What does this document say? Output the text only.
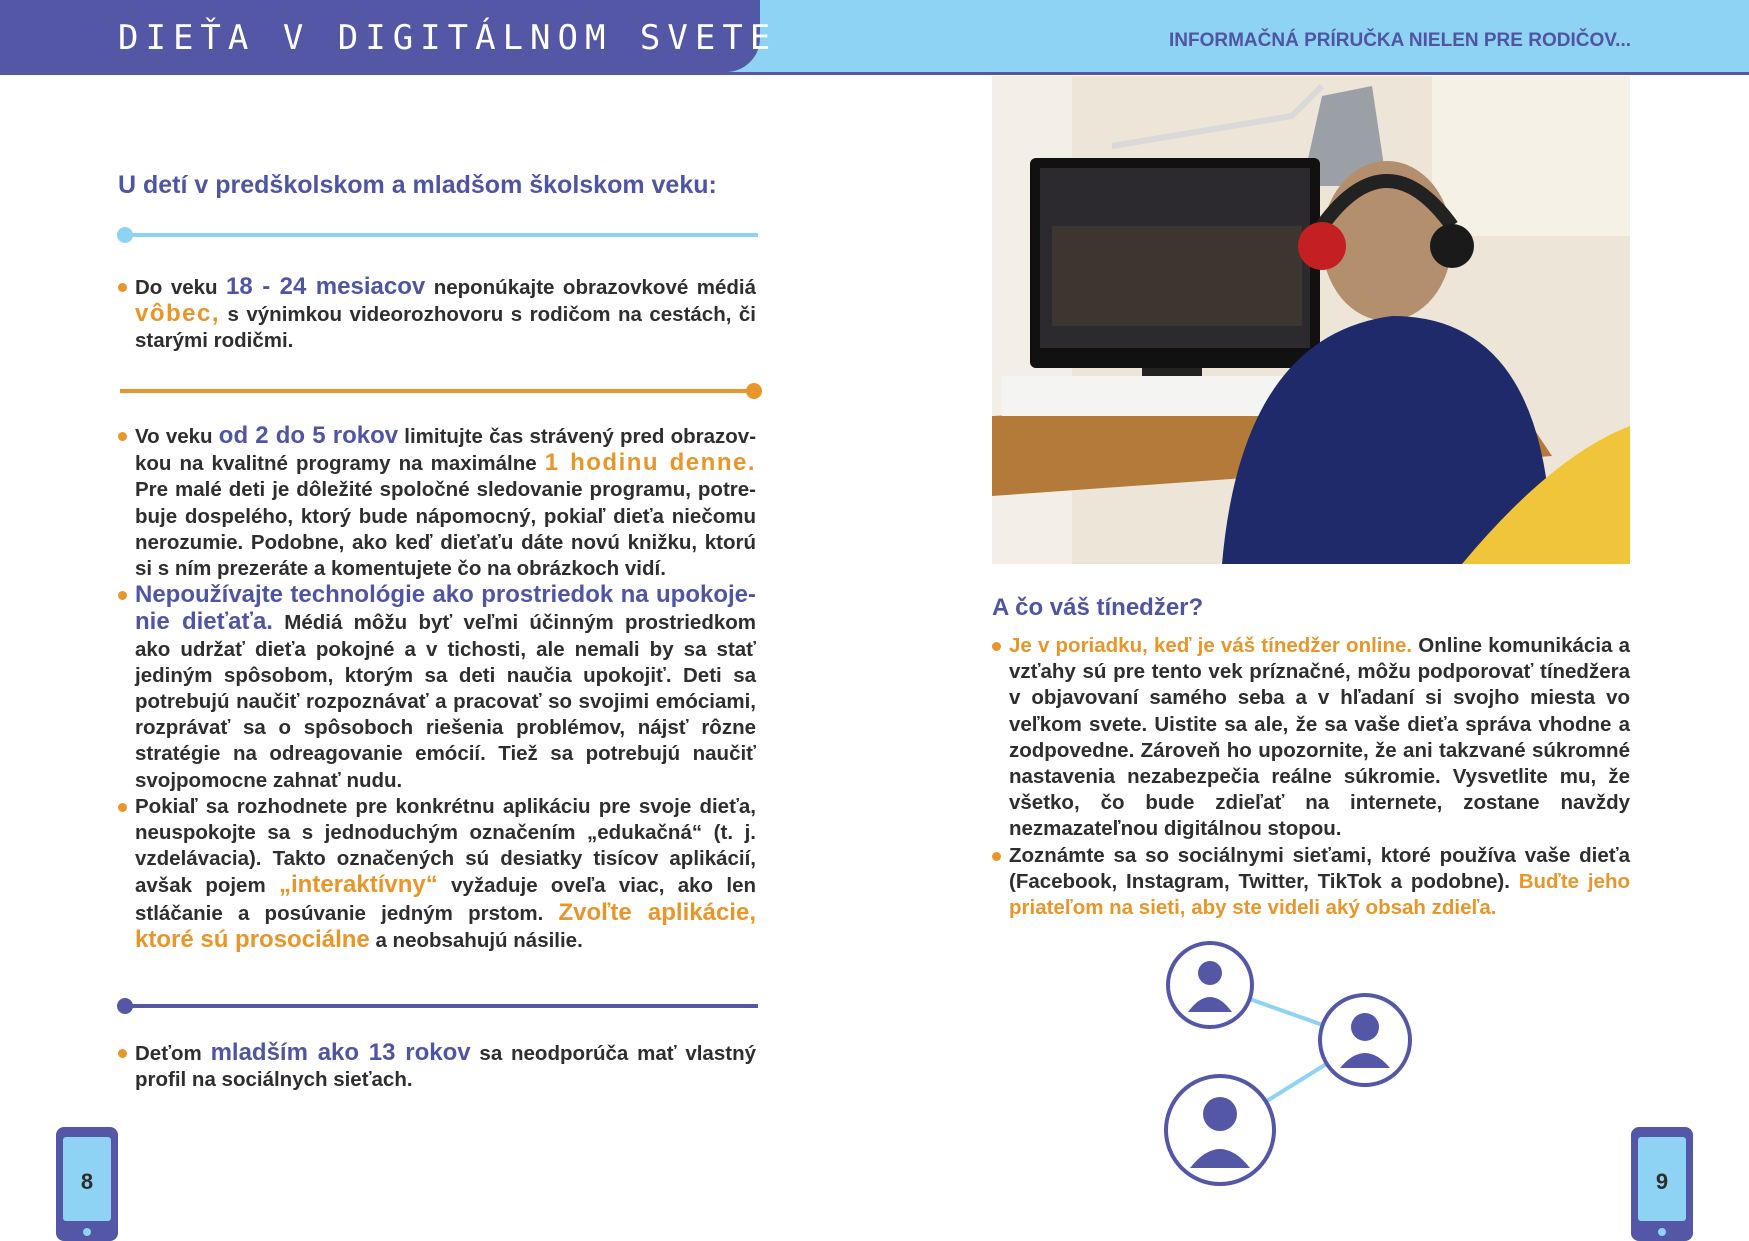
DIEŤA V DIGITÁLNOM SVETE	INFORMAČNÁ PRÍRUČKA NIELEN PRE RODIČOV...
U detí v predškolskom a mladšom školskom veku:

Do veku 18 - 24 mesiacov neponúkajte obrazovkové médiá vôbec, s výnimkou videorozhovoru s rodičom na cestách, či starými rodičmi.

Vo veku od 2 do 5 rokov limitujte čas strávený pred obrazovkou na kvalitné programy na maximálne 1 hodinu denne. Pre malé deti je dôležité spoločné sledovanie programu, potrebuje dospelého, ktorý bude nápomocný, pokiaľ dieťa niečomu nerozumie. Podobne, ako keď dieťaťu dáte novú knižku, ktorú si s ním prezeráte a komentujete čo na obrázkoch vidí.

Nepoužívajte technológie ako prostriedok na upokojenie dieťaťa. Médiá môžu byť veľmi účinným prostriedkom ako udržať dieťa pokojné a v tichosti, ale nemali by sa stať jediným spôsobom, ktorým sa deti naučia upokojiť. Deti sa potrebujú naučiť rozpoznávať a pracovať so svojimi emóciami, rozprávať sa o spôsoboch riešenia problémov, nájsť rôzne stratégie na odreagovanie emócií. Tiež sa potrebujú naučiť svojpomocne zahnať nudu.

Pokiaľ sa rozhodnete pre konkrétnu aplikáciu pre svoje dieťa, neuspokojte sa s jednoduchým označením „edukačná“ (t. j. vzdelávacia). Takto označených sú desiatky tisícov aplikácií, avšak pojem „interaktívny“ vyžaduje oveľa viac, ako len stláčanie a posúvanie jedným prstom. Zvoľte aplikácie, ktoré sú prosociálne a neobsahujú násilie.

Deťom mladším ako 13 rokov sa neodporúča mať vlastný profil na sociálnych sieťach.

8
A čo váš tínedžer?

Je v poriadku, keď je váš tínedžer online. Online komunikácia a vzťahy sú pre tento vek príznačné, môžu podporovať tínedžera v objavovaní samého seba a v hľadaní si svojho miesta vo veľkom svete. Uistite sa ale, že sa vaše dieťa správa vhodne a zodpovedne. Zároveň ho upozornite, že ani takzvané súkromné nastavenia nezabezpečia reálne súkromie. Vysvetlite mu, že všetko, čo bude zdieľať na internete, zostane navždy nezmazateľnou digitálnou stopou.

Zoznámte sa so sociálnymi sieťami, ktoré používa vaše dieťa (Facebook, Instagram, Twitter, TikTok a podobne). Buďte jeho priateľom na sieti, aby ste videli aký obsah zdieľa.

9
